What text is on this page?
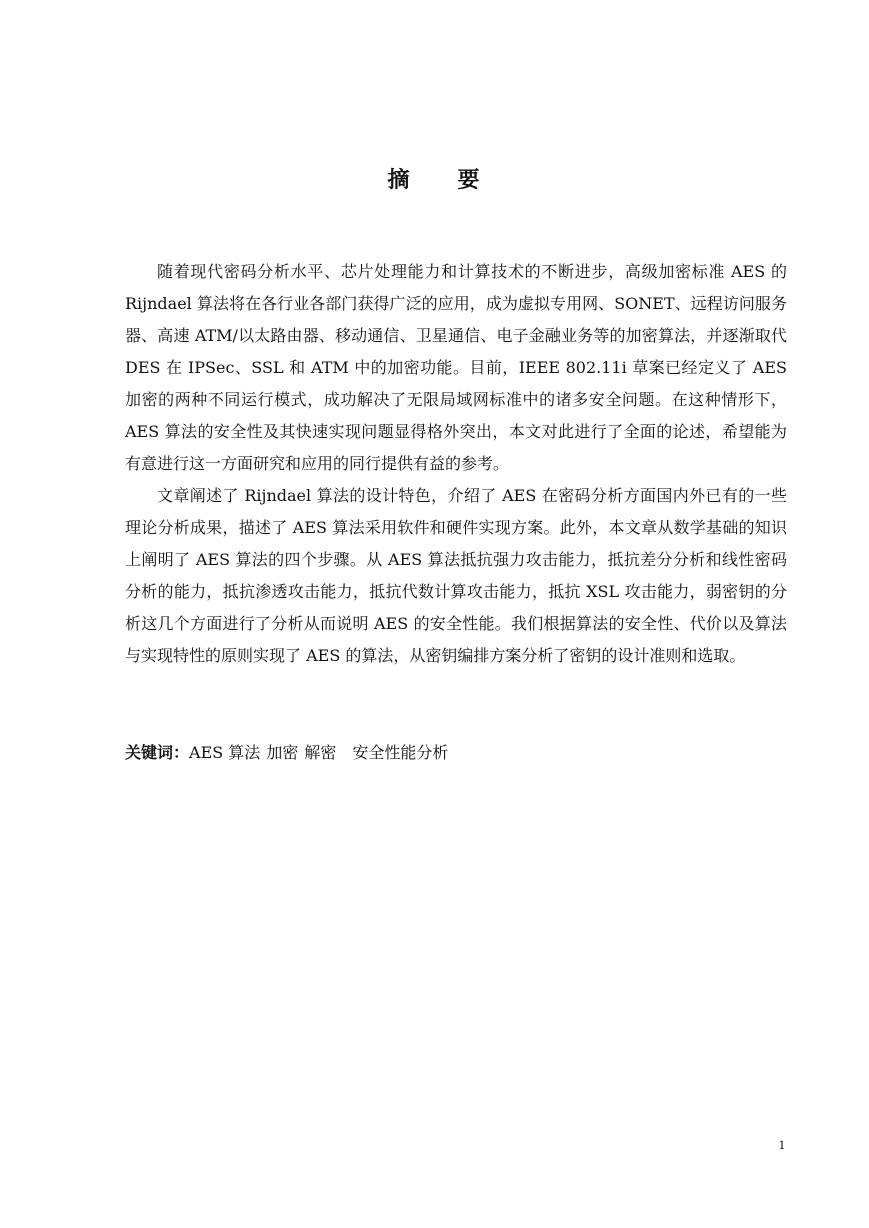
摘 要

随着现代密码分析水平、芯片处理能力和计算技术的不断进步，高级加密标准 AES 的 Rijndael 算法将在各行业各部门获得广泛的应用，成为虚拟专用网、SONET、远程访问服务器、高速 ATM/以太路由器、移动通信、卫星通信、电子金融业务等的加密算法，并逐渐取代 DES 在 IPSec、SSL 和 ATM 中的加密功能。目前，IEEE 802.11i 草案已经定义了 AES 加密的两种不同运行模式，成功解决了无限局域网标准中的诸多安全问题。在这种情形下，AES 算法的安全性及其快速实现问题显得格外突出，本文对此进行了全面的论述，希望能为有意进行这一方面研究和应用的同行提供有益的参考。

文章阐述了 Rijndael 算法的设计特色，介绍了 AES 在密码分析方面国内外已有的一些理论分析成果，描述了 AES 算法采用软件和硬件实现方案。此外，本文章从数学基础的知识上阐明了 AES 算法的四个步骤。从 AES 算法抵抗强力攻击能力，抵抗差分分析和线性密码分析的能力，抵抗渗透攻击能力，抵抗代数计算攻击能力，抵抗 XSL 攻击能力，弱密钥的分析这几个方面进行了分析从而说明 AES 的安全性能。我们根据算法的安全性、代价以及算法与实现特性的原则实现了 AES 的算法，从密钥编排方案分析了密钥的设计准则和选取。

关键词：AES 算法 加密 解密 安全性能分析
1
